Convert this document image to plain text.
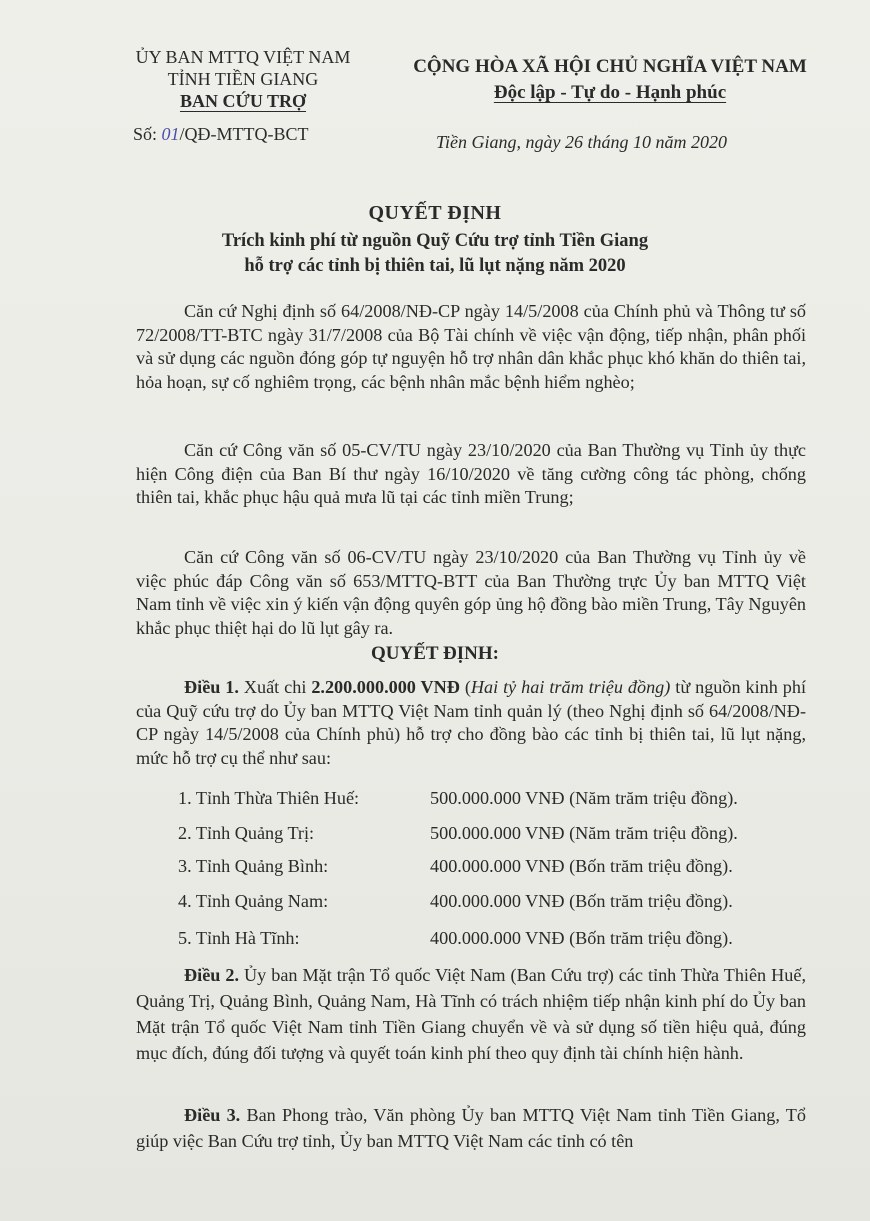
ỦY BAN MTTQ VIỆT NAM
TỈNH TIỀN GIANG
BAN CỨU TRỢ
CỘNG HÒA XÃ HỘI CHỦ NGHĨA VIỆT NAM
Độc lập - Tự do - Hạnh phúc
Số: 01/QĐ-MTTQ-BCT	Tiền Giang, ngày 26 tháng 10 năm 2020
QUYẾT ĐỊNH
Trích kinh phí từ nguồn Quỹ Cứu trợ tỉnh Tiền Giang
hỗ trợ các tỉnh bị thiên tai, lũ lụt nặng năm 2020
Căn cứ Nghị định số 64/2008/NĐ-CP ngày 14/5/2008 của Chính phủ và Thông tư số 72/2008/TT-BTC ngày 31/7/2008 của Bộ Tài chính về việc vận động, tiếp nhận, phân phối và sử dụng các nguồn đóng góp tự nguyện hỗ trợ nhân dân khắc phục khó khăn do thiên tai, hỏa hoạn, sự cố nghiêm trọng, các bệnh nhân mắc bệnh hiểm nghèo;
Căn cứ Công văn số 05-CV/TU ngày 23/10/2020 của Ban Thường vụ Tỉnh ủy thực hiện Công điện của Ban Bí thư ngày 16/10/2020 về tăng cường công tác phòng, chống thiên tai, khắc phục hậu quả mưa lũ tại các tỉnh miền Trung;
Căn cứ Công văn số 06-CV/TU ngày 23/10/2020 của Ban Thường vụ Tỉnh ủy về việc phúc đáp Công văn số 653/MTTQ-BTT của Ban Thường trực Ủy ban MTTQ Việt Nam tỉnh về việc xin ý kiến vận động quyên góp ủng hộ đồng bào miền Trung, Tây Nguyên khắc phục thiệt hại do lũ lụt gây ra.
QUYẾT ĐỊNH:
Điều 1. Xuất chi 2.200.000.000 VNĐ (Hai tỷ hai trăm triệu đồng) từ nguồn kinh phí của Quỹ cứu trợ do Ủy ban MTTQ Việt Nam tỉnh quản lý (theo Nghị định số 64/2008/NĐ-CP ngày 14/5/2008 của Chính phủ) hỗ trợ cho đồng bào các tỉnh bị thiên tai, lũ lụt nặng, mức hỗ trợ cụ thể như sau:
1. Tỉnh Thừa Thiên Huế:	500.000.000 VNĐ (Năm trăm triệu đồng).
2. Tỉnh Quảng Trị:	500.000.000 VNĐ (Năm trăm triệu đồng).
3. Tỉnh Quảng Bình:	400.000.000 VNĐ (Bốn trăm triệu đồng).
4. Tỉnh Quảng Nam:	400.000.000 VNĐ (Bốn trăm triệu đồng).
5. Tỉnh Hà Tĩnh:	400.000.000 VNĐ (Bốn trăm triệu đồng).
Điều 2. Ủy ban Mặt trận Tổ quốc Việt Nam (Ban Cứu trợ) các tỉnh Thừa Thiên Huế, Quảng Trị, Quảng Bình, Quảng Nam, Hà Tĩnh có trách nhiệm tiếp nhận kinh phí do Ủy ban Mặt trận Tổ quốc Việt Nam tỉnh Tiền Giang chuyển về và sử dụng số tiền hiệu quả, đúng mục đích, đúng đối tượng và quyết toán kinh phí theo quy định tài chính hiện hành.
Điều 3. Ban Phong trào, Văn phòng Ủy ban MTTQ Việt Nam tỉnh Tiền Giang, Tổ giúp việc Ban Cứu trợ tỉnh, Ủy ban MTTQ Việt Nam các tỉnh có tên
